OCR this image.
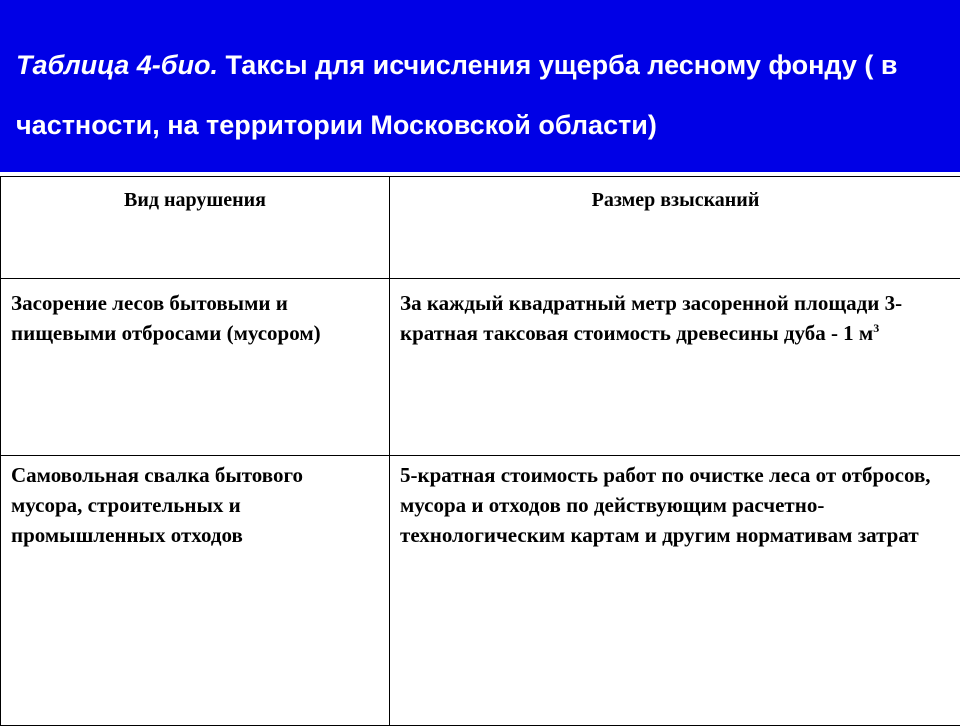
Таблица 4-био. Таксы для исчисления ущерба лесному фонду ( в частности, на территории Московской области)
Вид нарушения	Размер взысканий
Засорение лесов бытовыми и пищевыми отбросами (мусором)	За каждый квадратный метр засоренной площади 3-кратная таксовая стоимость древесины дуба - 1 $м^3$
Самовольная свалка бытового мусора, строительных и промышленных отходов	5-кратная стоимость работ по очистке леса от отбросов, мусора и отходов по действующим расчетно-технологическим картам и другим нормативам затрат
